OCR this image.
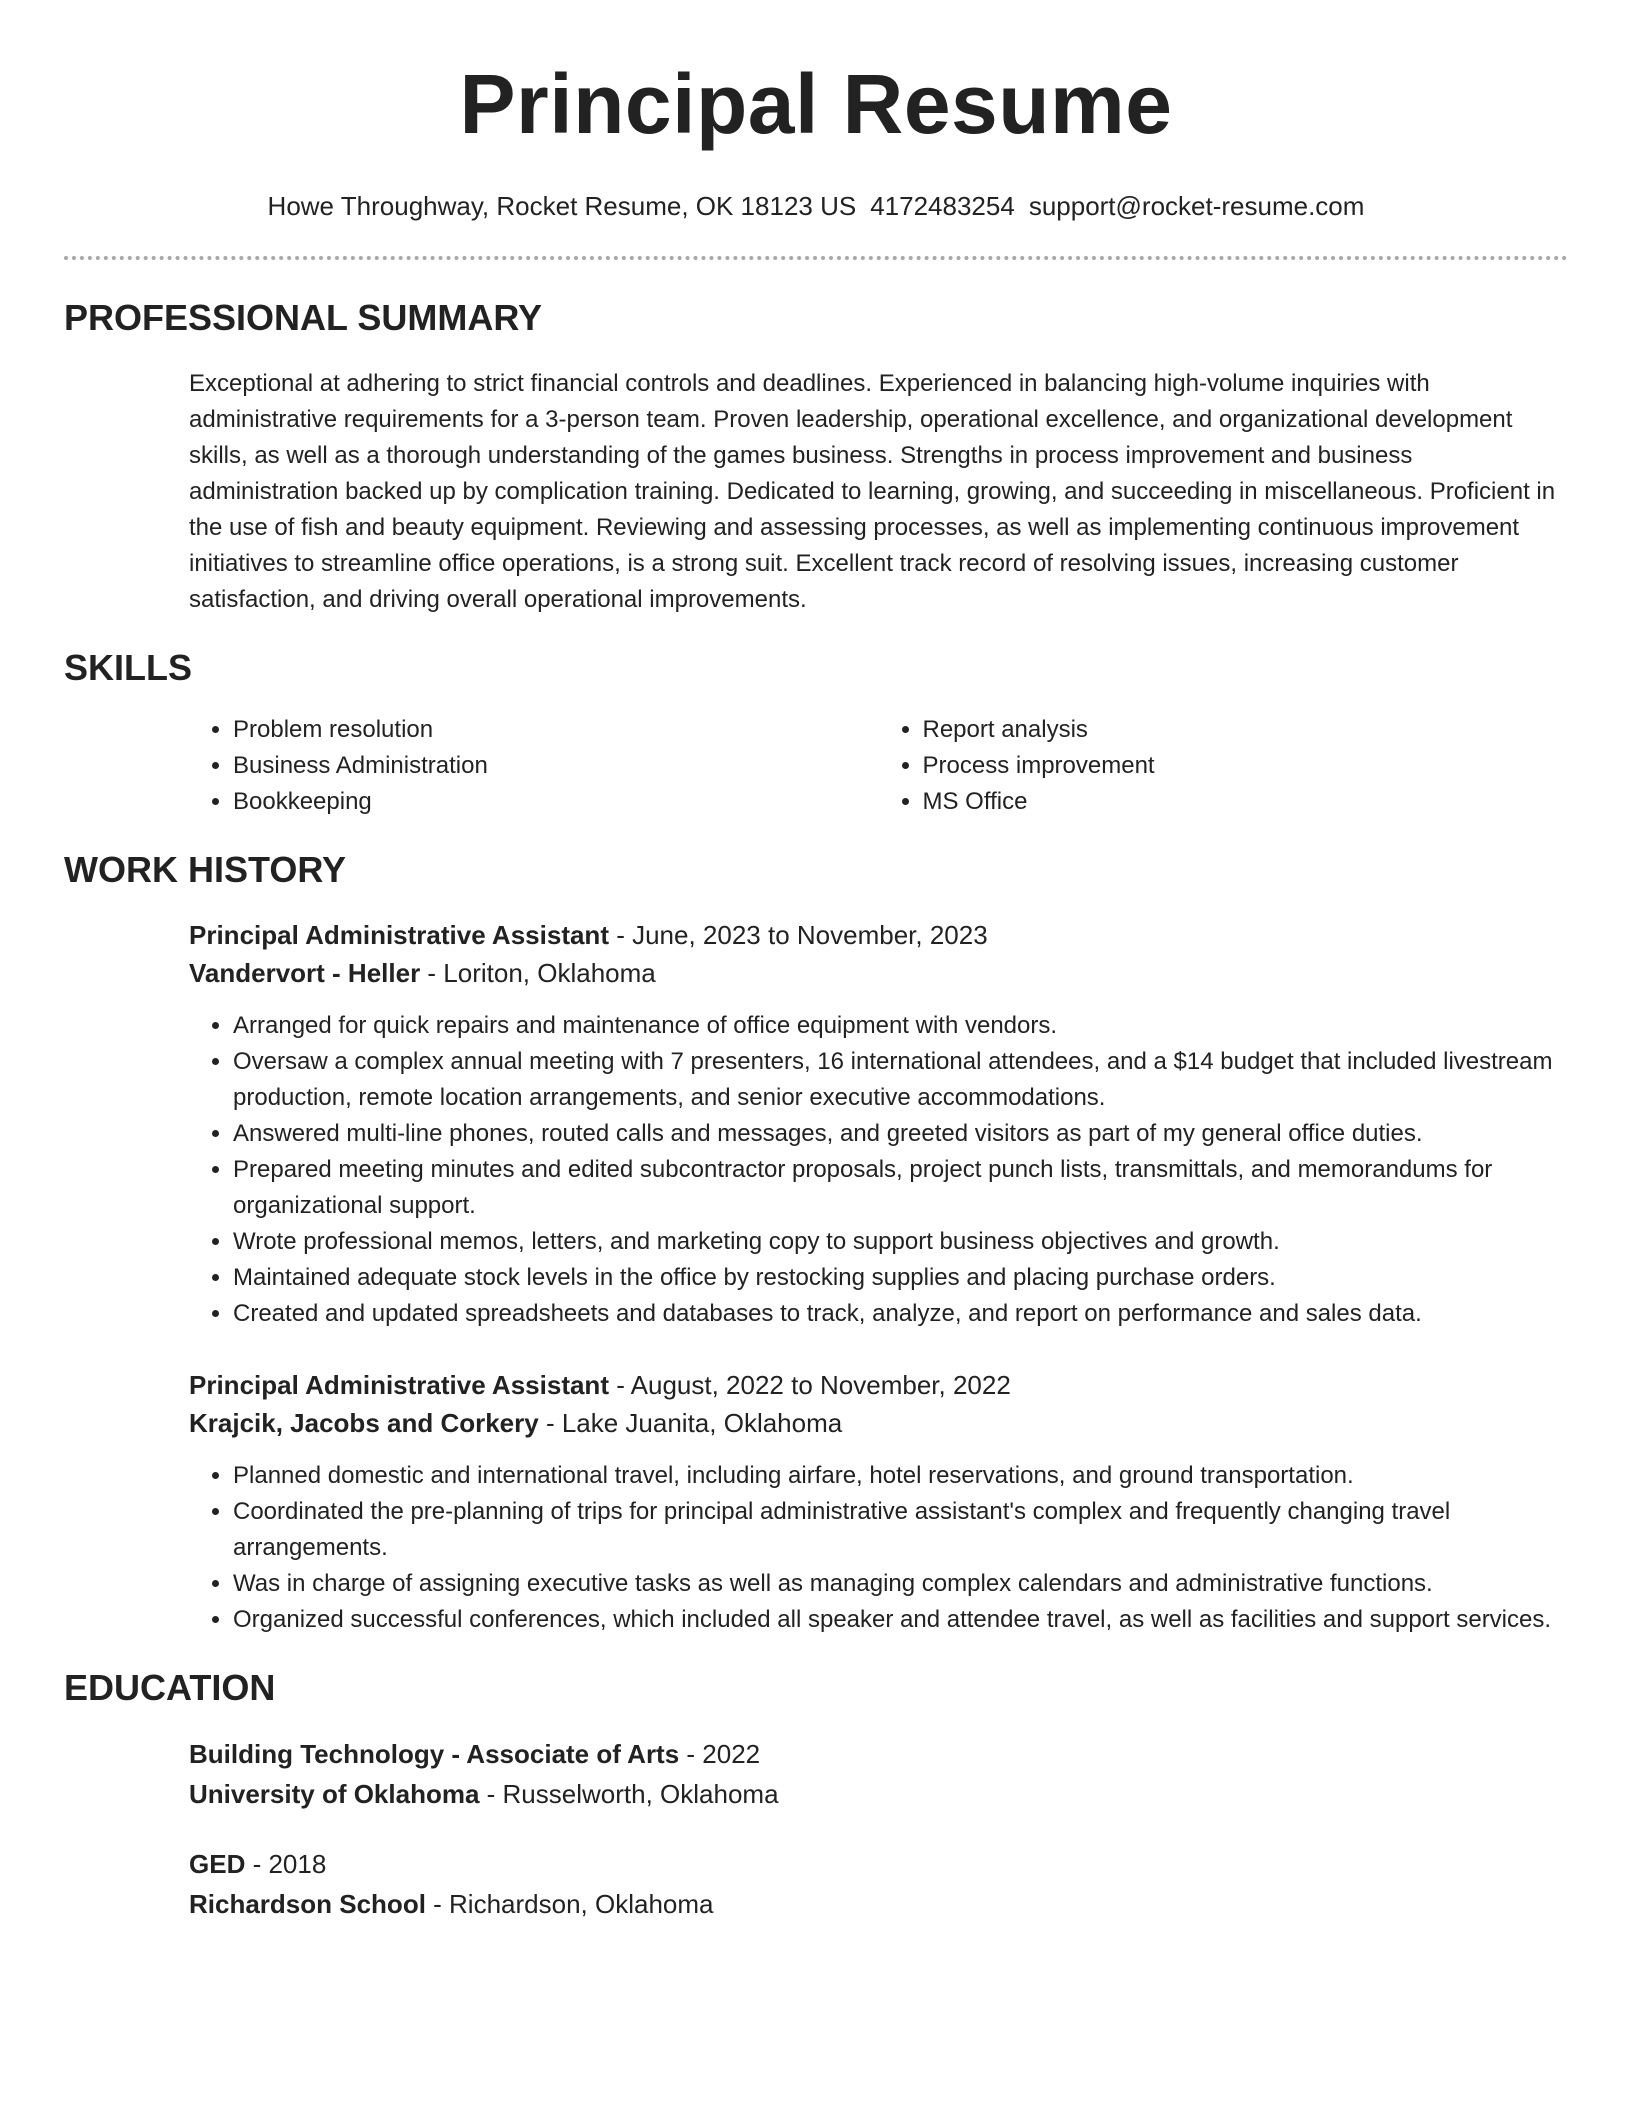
Principal Resume
Howe Throughway, Rocket Resume, OK 18123 US 4172483254 support@rocket-resume.com
PROFESSIONAL SUMMARY

Exceptional at adhering to strict financial controls and deadlines. Experienced in balancing high-volume inquiries with administrative requirements for a 3-person team. Proven leadership, operational excellence, and organizational development skills, as well as a thorough understanding of the games business. Strengths in process improvement and business administration backed up by complication training. Dedicated to learning, growing, and succeeding in miscellaneous. Proficient in the use of fish and beauty equipment. Reviewing and assessing processes, as well as implementing continuous improvement initiatives to streamline office operations, is a strong suit. Excellent track record of resolving issues, increasing customer satisfaction, and driving overall operational improvements.

SKILLS
• Problem resolution
• Business Administration
• Bookkeeping
• Report analysis
• Process improvement
• MS Office
WORK HISTORY
Principal Administrative Assistant - June, 2023 to November, 2023
Vandervort - Heller - Loriton, Oklahoma
• Arranged for quick repairs and maintenance of office equipment with vendors.
• Oversaw a complex annual meeting with 7 presenters, 16 international attendees, and a $14 budget that included livestream production, remote location arrangements, and senior executive accommodations.
• Answered multi-line phones, routed calls and messages, and greeted visitors as part of my general office duties.
• Prepared meeting minutes and edited subcontractor proposals, project punch lists, transmittals, and memorandums for organizational support.
• Wrote professional memos, letters, and marketing copy to support business objectives and growth.
• Maintained adequate stock levels in the office by restocking supplies and placing purchase orders.
• Created and updated spreadsheets and databases to track, analyze, and report on performance and sales data.
Principal Administrative Assistant - August, 2022 to November, 2022
Krajcik, Jacobs and Corkery - Lake Juanita, Oklahoma
• Planned domestic and international travel, including airfare, hotel reservations, and ground transportation.
• Coordinated the pre-planning of trips for principal administrative assistant's complex and frequently changing travel arrangements.
• Was in charge of assigning executive tasks as well as managing complex calendars and administrative functions.
• Organized successful conferences, which included all speaker and attendee travel, as well as facilities and support services.
EDUCATION
Building Technology - Associate of Arts - 2022
University of Oklahoma - Russelworth, Oklahoma
GED - 2018
Richardson School - Richardson, Oklahoma
